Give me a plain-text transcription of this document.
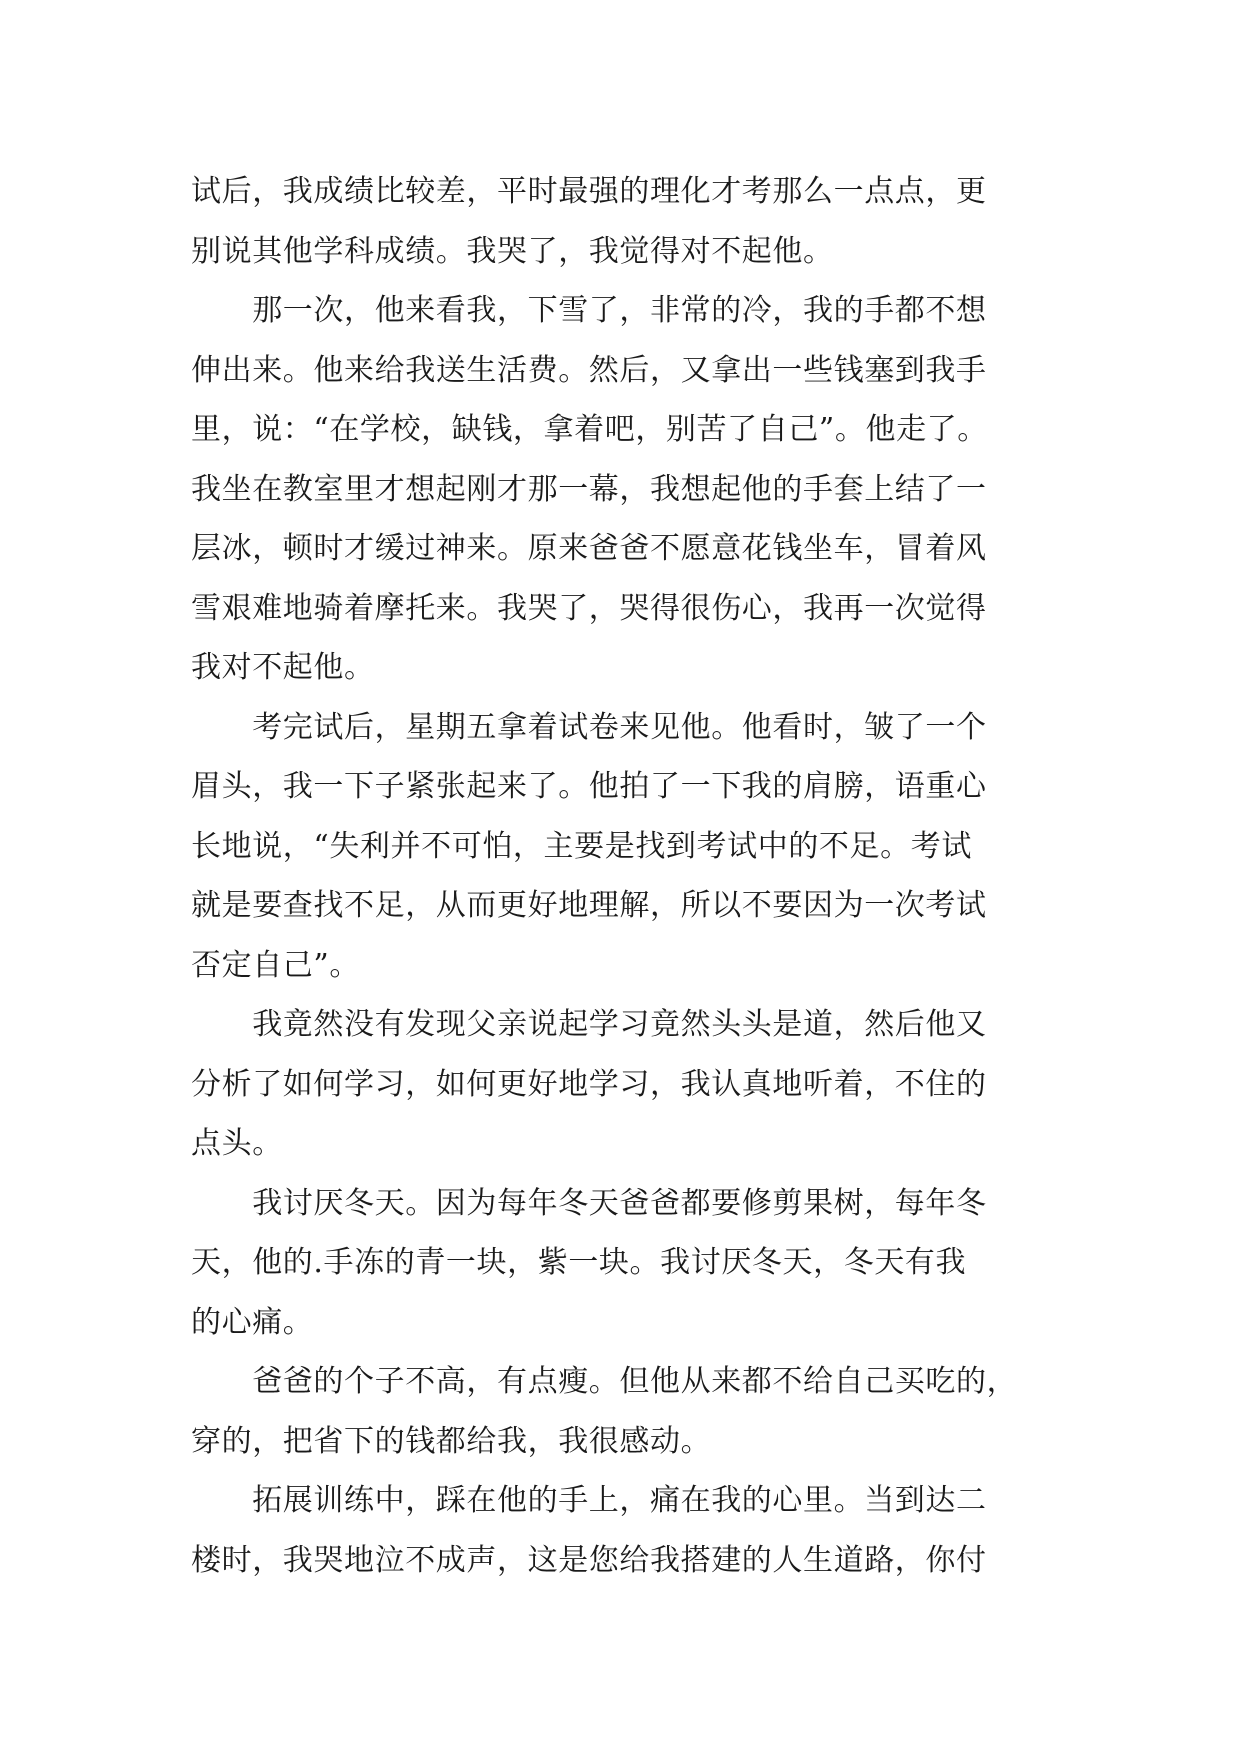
试后，我成绩比较差，平时最强的理化才考那么一点点，更
别说其他学科成绩。我哭了，我觉得对不起他。
　　那一次，他来看我，下雪了，非常的冷，我的手都不想
伸出来。他来给我送生活费。然后，又拿出一些钱塞到我手
里，说：“在学校，缺钱，拿着吧，别苦了自己”。他走了。
我坐在教室里才想起刚才那一幕，我想起他的手套上结了一
层冰，顿时才缓过神来。原来爸爸不愿意花钱坐车，冒着风
雪艰难地骑着摩托来。我哭了，哭得很伤心，我再一次觉得
我对不起他。
　　考完试后，星期五拿着试卷来见他。他看时，皱了一个
眉头，我一下子紧张起来了。他拍了一下我的肩膀，语重心
长地说，“失利并不可怕，主要是找到考试中的不足。考试
就是要查找不足，从而更好地理解，所以不要因为一次考试
否定自己”。
　　我竟然没有发现父亲说起学习竟然头头是道，然后他又
分析了如何学习，如何更好地学习，我认真地听着，不住的
点头。
　　我讨厌冬天。因为每年冬天爸爸都要修剪果树，每年冬
天，他的.手冻的青一块，紫一块。我讨厌冬天，冬天有我
的心痛。
　　爸爸的个子不高，有点瘦。但他从来都不给自己买吃的，
穿的，把省下的钱都给我，我很感动。
　　拓展训练中，踩在他的手上，痛在我的心里。当到达二
楼时，我哭地泣不成声，这是您给我搭建的人生道路，你付
